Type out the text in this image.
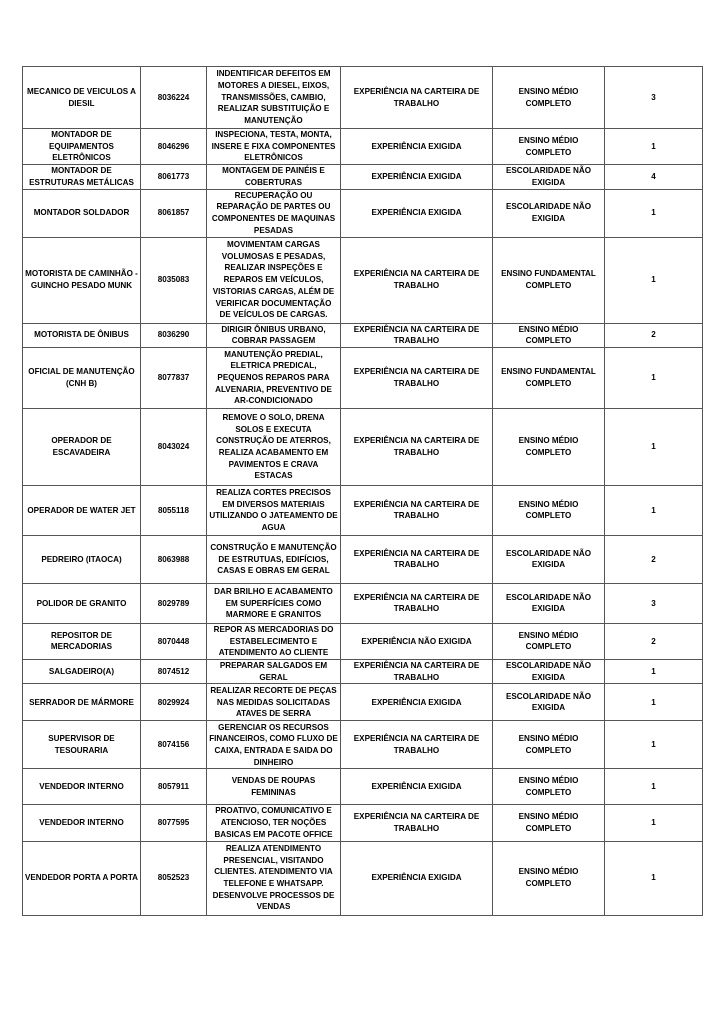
MECANICO DE VEICULOS A DIESIL	8036224	INDENTIFICAR DEFEITOS EM MOTORES A DIESEL, EIXOS, TRANSMISSÕES, CAMBIO, REALIZAR SUBSTITUIÇÃO E MANUTENÇÃO	EXPERIÊNCIA NA CARTEIRA DE TRABALHO	ENSINO MÉDIO COMPLETO	3
MONTADOR DE EQUIPAMENTOS ELETRÔNICOS	8046296	INSPECIONA, TESTA, MONTA, INSERE E FIXA COMPONENTES ELETRÔNICOS	EXPERIÊNCIA EXIGIDA	ENSINO MÉDIO COMPLETO	1
MONTADOR DE ESTRUTURAS METÁLICAS	8061773	MONTAGEM DE PAINÉIS E COBERTURAS	EXPERIÊNCIA EXIGIDA	ESCOLARIDADE NÃO EXIGIDA	4
MONTADOR SOLDADOR	8061857	RECUPERAÇÃO OU REPARAÇÃO DE PARTES OU COMPONENTES DE MAQUINAS PESADAS	EXPERIÊNCIA EXIGIDA	ESCOLARIDADE NÃO EXIGIDA	1
MOTORISTA DE CAMINHÃO - GUINCHO PESADO MUNK	8035083	MOVIMENTAM CARGAS VOLUMOSAS E PESADAS, REALIZAR INSPEÇÕES E REPAROS EM VEÍCULOS, VISTORIAS CARGAS, ALÉM DE VERIFICAR DOCUMENTAÇÃO DE VEÍCULOS DE CARGAS.	EXPERIÊNCIA NA CARTEIRA DE TRABALHO	ENSINO FUNDAMENTAL COMPLETO	1
MOTORISTA DE ÔNIBUS	8036290	DIRIGIR ÔNIBUS URBANO, COBRAR PASSAGEM	EXPERIÊNCIA NA CARTEIRA DE TRABALHO	ENSINO MÉDIO COMPLETO	2
OFICIAL DE MANUTENÇÃO (CNH B)	8077837	MANUTENÇÃO PREDIAL, ELETRICA PREDICAL, PEQUENOS REPAROS PARA ALVENARIA, PREVENTIVO DE AR-CONDICIONADO	EXPERIÊNCIA NA CARTEIRA DE TRABALHO	ENSINO FUNDAMENTAL COMPLETO	1
OPERADOR DE ESCAVADEIRA	8043024	REMOVE O SOLO, DRENA SOLOS E EXECUTA CONSTRUÇÃO DE ATERROS, REALIZA ACABAMENTO EM PAVIMENTOS E CRAVA ESTACAS	EXPERIÊNCIA NA CARTEIRA DE TRABALHO	ENSINO MÉDIO COMPLETO	1
OPERADOR DE WATER JET	8055118	REALIZA CORTES PRECISOS EM DIVERSOS MATERIAIS UTILIZANDO O JATEAMENTO DE AGUA	EXPERIÊNCIA NA CARTEIRA DE TRABALHO	ENSINO MÉDIO COMPLETO	1
PEDREIRO (ITAOCA)	8063988	CONSTRUÇÃO E MANUTENÇÃO DE ESTRUTUAS, EDIFÍCIOS, CASAS E OBRAS EM GERAL	EXPERIÊNCIA NA CARTEIRA DE TRABALHO	ESCOLARIDADE NÃO EXIGIDA	2
POLIDOR DE GRANITO	8029789	DAR BRILHO E ACABAMENTO EM SUPERFÍCIES COMO MARMORE E GRANITOS	EXPERIÊNCIA NA CARTEIRA DE TRABALHO	ESCOLARIDADE NÃO EXIGIDA	3
REPOSITOR DE MERCADORIAS	8070448	REPOR AS MERCADORIAS DO ESTABELECIMENTO E ATENDIMENTO AO CLIENTE	EXPERIÊNCIA NÃO EXIGIDA	ENSINO MÉDIO COMPLETO	2
SALGADEIRO(A)	8074512	PREPARAR SALGADOS EM GERAL	EXPERIÊNCIA NA CARTEIRA DE TRABALHO	ESCOLARIDADE NÃO EXIGIDA	1
SERRADOR DE MÁRMORE	8029924	REALIZAR RECORTE DE PEÇAS NAS MEDIDAS SOLICITADAS ATAVES DE SERRA	EXPERIÊNCIA EXIGIDA	ESCOLARIDADE NÃO EXIGIDA	1
SUPERVISOR DE TESOURARIA	8074156	GERENCIAR OS RECURSOS FINANCEIROS, COMO FLUXO DE CAIXA, ENTRADA E SAIDA DO DINHEIRO	EXPERIÊNCIA NA CARTEIRA DE TRABALHO	ENSINO MÉDIO COMPLETO	1
VENDEDOR INTERNO	8057911	VENDAS DE ROUPAS FEMININAS	EXPERIÊNCIA EXIGIDA	ENSINO MÉDIO COMPLETO	1
VENDEDOR INTERNO	8077595	PROATIVO, COMUNICATIVO E ATENCIOSO, TER NOÇÕES BASICAS EM PACOTE OFFICE	EXPERIÊNCIA NA CARTEIRA DE TRABALHO	ENSINO MÉDIO COMPLETO	1
VENDEDOR PORTA A PORTA	8052523	REALIZA ATENDIMENTO PRESENCIAL, VISITANDO CLIENTES. ATENDIMENTO VIA TELEFONE E WHATSAPP. DESENVOLVE PROCESSOS DE VENDAS	EXPERIÊNCIA EXIGIDA	ENSINO MÉDIO COMPLETO	1
